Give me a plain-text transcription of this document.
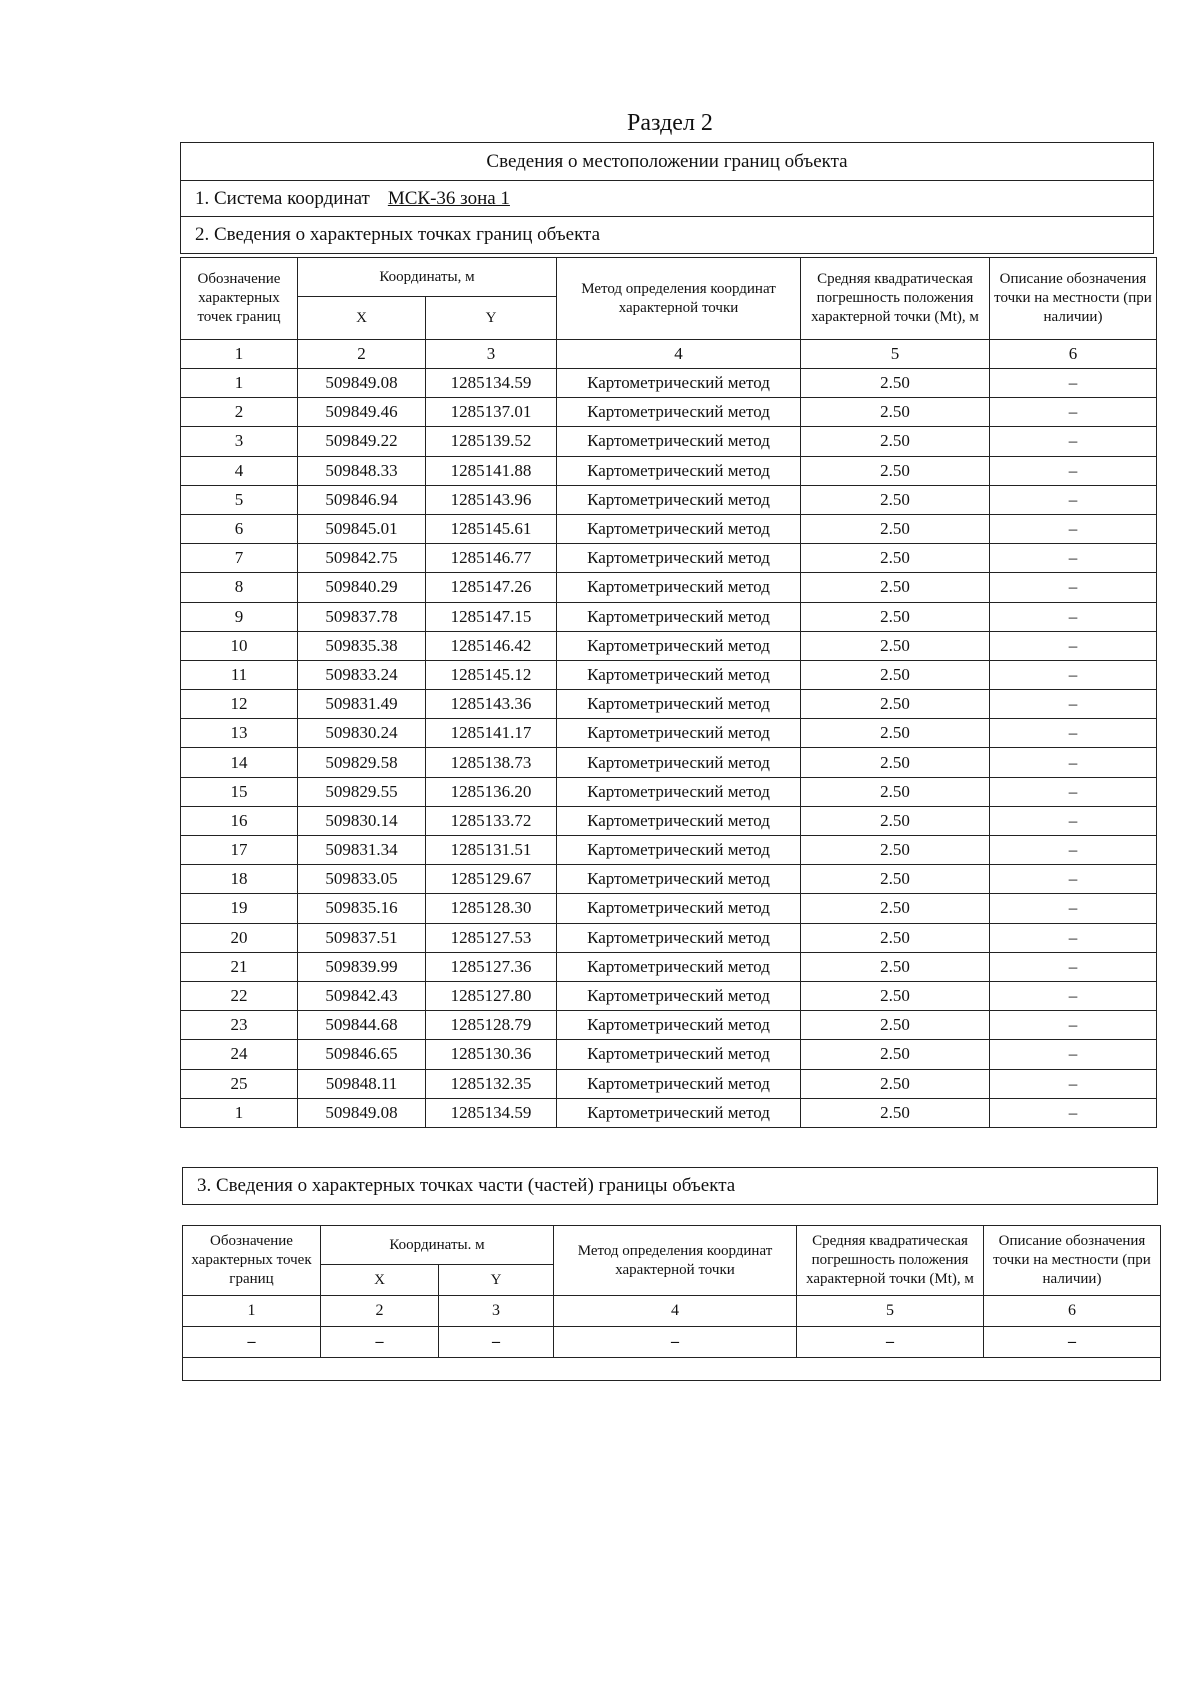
Раздел 2
Сведения о местоположении границ объекта
1. Система координат МСК-36 зона 1
2. Сведения о характерных точках границ объекта
Обозначение характерных точек границ	Координаты, м		Метод определения координат характерной точки	Средняя квадратическая погрешность положения характерной точки (Mt), м	Описание обозначения точки на местности (при наличии)
	X	Y			
1	2	3	4	5	6
1	509849.08	1285134.59	Картометрический метод	2.50	–
2	509849.46	1285137.01	Картометрический метод	2.50	–
3	509849.22	1285139.52	Картометрический метод	2.50	–
4	509848.33	1285141.88	Картометрический метод	2.50	–
5	509846.94	1285143.96	Картометрический метод	2.50	–
6	509845.01	1285145.61	Картометрический метод	2.50	–
7	509842.75	1285146.77	Картометрический метод	2.50	–
8	509840.29	1285147.26	Картометрический метод	2.50	–
9	509837.78	1285147.15	Картометрический метод	2.50	–
10	509835.38	1285146.42	Картометрический метод	2.50	–
11	509833.24	1285145.12	Картометрический метод	2.50	–
12	509831.49	1285143.36	Картометрический метод	2.50	–
13	509830.24	1285141.17	Картометрический метод	2.50	–
14	509829.58	1285138.73	Картометрический метод	2.50	–
15	509829.55	1285136.20	Картометрический метод	2.50	–
16	509830.14	1285133.72	Картометрический метод	2.50	–
17	509831.34	1285131.51	Картометрический метод	2.50	–
18	509833.05	1285129.67	Картометрический метод	2.50	–
19	509835.16	1285128.30	Картометрический метод	2.50	–
20	509837.51	1285127.53	Картометрический метод	2.50	–
21	509839.99	1285127.36	Картометрический метод	2.50	–
22	509842.43	1285127.80	Картометрический метод	2.50	–
23	509844.68	1285128.79	Картометрический метод	2.50	–
24	509846.65	1285130.36	Картометрический метод	2.50	–
25	509848.11	1285132.35	Картометрический метод	2.50	–
1	509849.08	1285134.59	Картометрический метод	2.50	–
3. Сведения о характерных точках части (частей) границы объекта
Обозначение характерных точек границ	Координаты. м		Метод определения координат характерной точки	Средняя квадратическая погрешность положения характерной точки (Mt), м	Описание обозначения точки на местности (при наличии)
	X	Y			
1	2	3	4	5	6
–	–	–	–	–	–
